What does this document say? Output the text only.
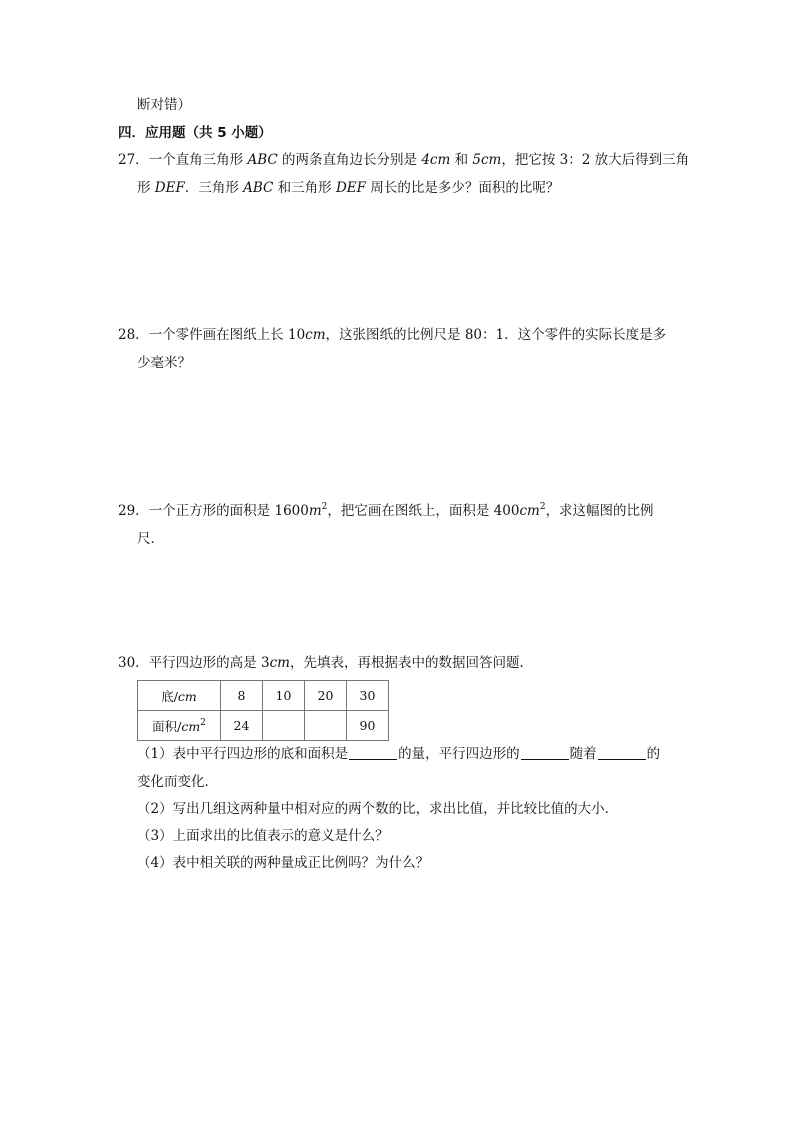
断对错）
四．应用题（共 5 小题）
27．一个直角三角形 ABC 的两条直角边长分别是 4cm 和 5cm，把它按 3：2 放大后得到三角
形 DEF．三角形 ABC 和三角形 DEF 周长的比是多少？面积的比呢？
28．一个零件画在图纸上长 10cm，这张图纸的比例尺是 80：1．这个零件的实际长度是多
少毫米？
29．一个正方形的面积是 $1600m^2$，把它画在图纸上，面积是 $400cm^2$，求这幅图的比例
尺．
30．平行四边形的高是 3cm，先填表，再根据表中的数据回答问题．
底/cm	8	10	20	30
面积$/cm^2$	24			90
（1）表中平行四边形的底和面积是	的量，平行四边形的	随着	的
变化而变化．
（2）写出几组这两种量中相对应的两个数的比，求出比值，并比较比值的大小．
（3）上面求出的比值表示的意义是什么？
（4）表中相关联的两种量成正比例吗？为什么？
